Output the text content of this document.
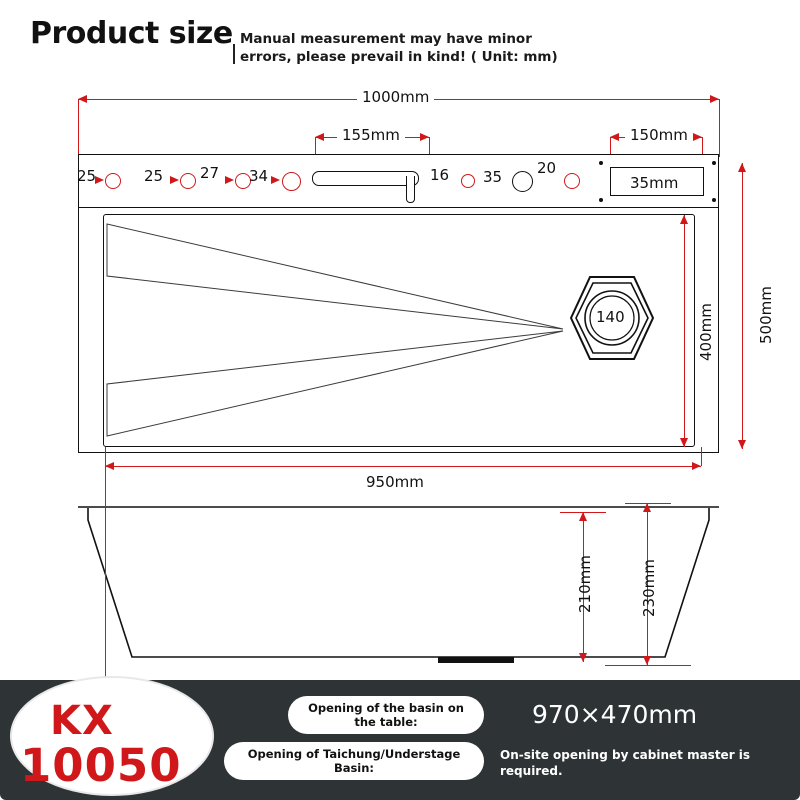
Product size Manual measurement may have minor errors, please prevail in kind! ( Unit: mm)
1000mm
155mm	150mm
25	25 27 34	16 35 20
35mm
140	400mm	500mm
950mm
210mm	230mm
KX
10050
Opening of the basin on the table:	970×470mm
Opening of Taichung/Understage Basin:
On-site opening by cabinet master is required.
